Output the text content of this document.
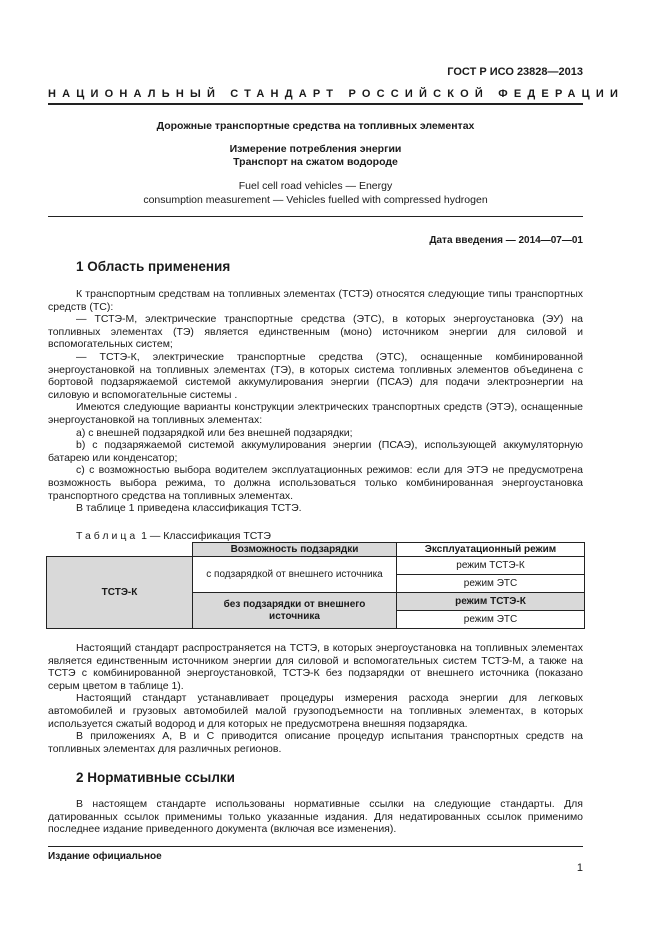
ГОСТ Р ИСО 23828—2013
НАЦИОНАЛЬНЫЙ СТАНДАРТ РОССИЙСКОЙ ФЕДЕРАЦИИ
Дорожные транспортные средства на топливных элементах
Измерение потребления энергии
Транспорт на сжатом водороде
Fuel cell road vehicles — Energy
consumption measurement — Vehicles fuelled with compressed hydrogen
Дата введения — 2014—07—01
1 Область применения

К транспортным средствам на топливных элементах (ТСТЭ) относятся следующие типы транспортных средств (ТС):

— ТСТЭ-М, электрические транспортные средства (ЭТС), в которых энергоустановка (ЭУ) на топливных элементах (ТЭ) является единственным (моно) источником энергии для силовой и вспомогательных систем;

— ТСТЭ-К, электрические транспортные средства (ЭТС), оснащенные комбинированной энергоустановкой на топливных элементах (ТЭ), в которых система топливных элементов объединена с бортовой подзаряжаемой системой аккумулирования энергии (ПСАЭ) для подачи электроэнергии на силовую и вспомогательные системы .

Имеются следующие варианты конструкции электрических транспортных средств (ЭТЭ), оснащенные энергоустановкой на топливных элементах:

a) с внешней подзарядкой или без внешней подзарядки;

b) с подзаряжаемой системой аккумулирования энергии (ПСАЭ), использующей аккумуляторную батарею или конденсатор;

c) с возможностью выбора водителем эксплуатационных режимов: если для ЭТЭ не предусмотрена возможность выбора режима, то должна использоваться только комбинированная энергоустановка транспортного средства на топливных элементах.

В таблице 1 приведена классификация ТСТЭ.

Таблица 1 — Классификация ТСТЭ
	Возможность подзарядки	Эксплуатационный режим
ТСТЭ-К	с подзарядкой от внешнего источника	режим ТСТЭ-К
		режим ЭТС
	без подзарядки от внешнего источника	режим ТСТЭ-К
		режим ЭТС

Настоящий стандарт распространяется на ТСТЭ, в которых энергоустановка на топливных элементах является единственным источником энергии для силовой и вспомогательных систем ТСТЭ-М, а также на ТСТЭ с комбинированной энергоустановкой, ТСТЭ-К без подзарядки от внешнего источника (показано серым цветом в таблице 1).

Настоящий стандарт устанавливает процедуры измерения расхода энергии для легковых автомобилей и грузовых автомобилей малой грузоподъемности на топливных элементах, в которых используется сжатый водород и для которых не предусмотрена внешняя подзарядка.

В приложениях А, В и С приводится описание процедур испытания транспортных средств на топливных элементах для различных регионов.

2 Нормативные ссылки

В настоящем стандарте использованы нормативные ссылки на следующие стандарты. Для датированных ссылок применимы только указанные издания. Для недатированных ссылок применимо последнее издание приведенного документа (включая все изменения).

Издание официальное
1
